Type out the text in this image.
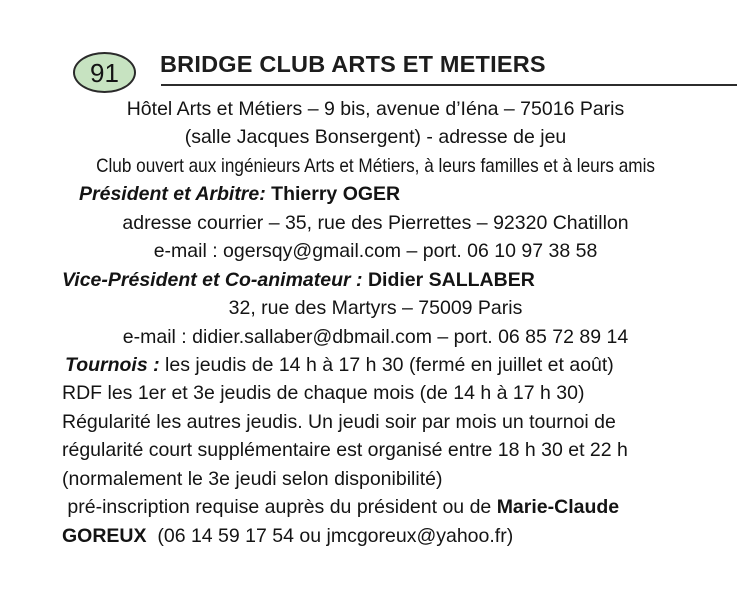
91 BRIDGE CLUB ARTS ET METIERS
Hôtel Arts et Métiers – 9 bis, avenue d’Iéna – 75016 Paris
(salle Jacques Bonsergent) - adresse de jeu
Club ouvert aux ingénieurs Arts et Métiers, à leurs familles et à leurs amis
Président et Arbitre: Thierry OGER
adresse courrier – 35, rue des Pierrettes – 92320 Chatillon
e-mail : ogersqy@gmail.com – port. 06 10 97 38 58
Vice-Président et Co-animateur : Didier SALLABER
32, rue des Martyrs – 75009 Paris
e-mail : didier.sallaber@dbmail.com – port. 06 85 72 89 14
Tournois : les jeudis de 14 h à 17 h 30 (fermé en juillet et août)
RDF les 1er et 3e jeudis de chaque mois (de 14 h à 17 h 30)
Régularité les autres jeudis. Un jeudi soir par mois un tournoi de
régularité court supplémentaire est organisé entre 18 h 30 et 22 h
(normalement le 3e jeudi selon disponibilité)
pré-inscription requise auprès du président ou de Marie-Claude
GOREUX  (06 14 59 17 54 ou jmcgoreux@yahoo.fr)
